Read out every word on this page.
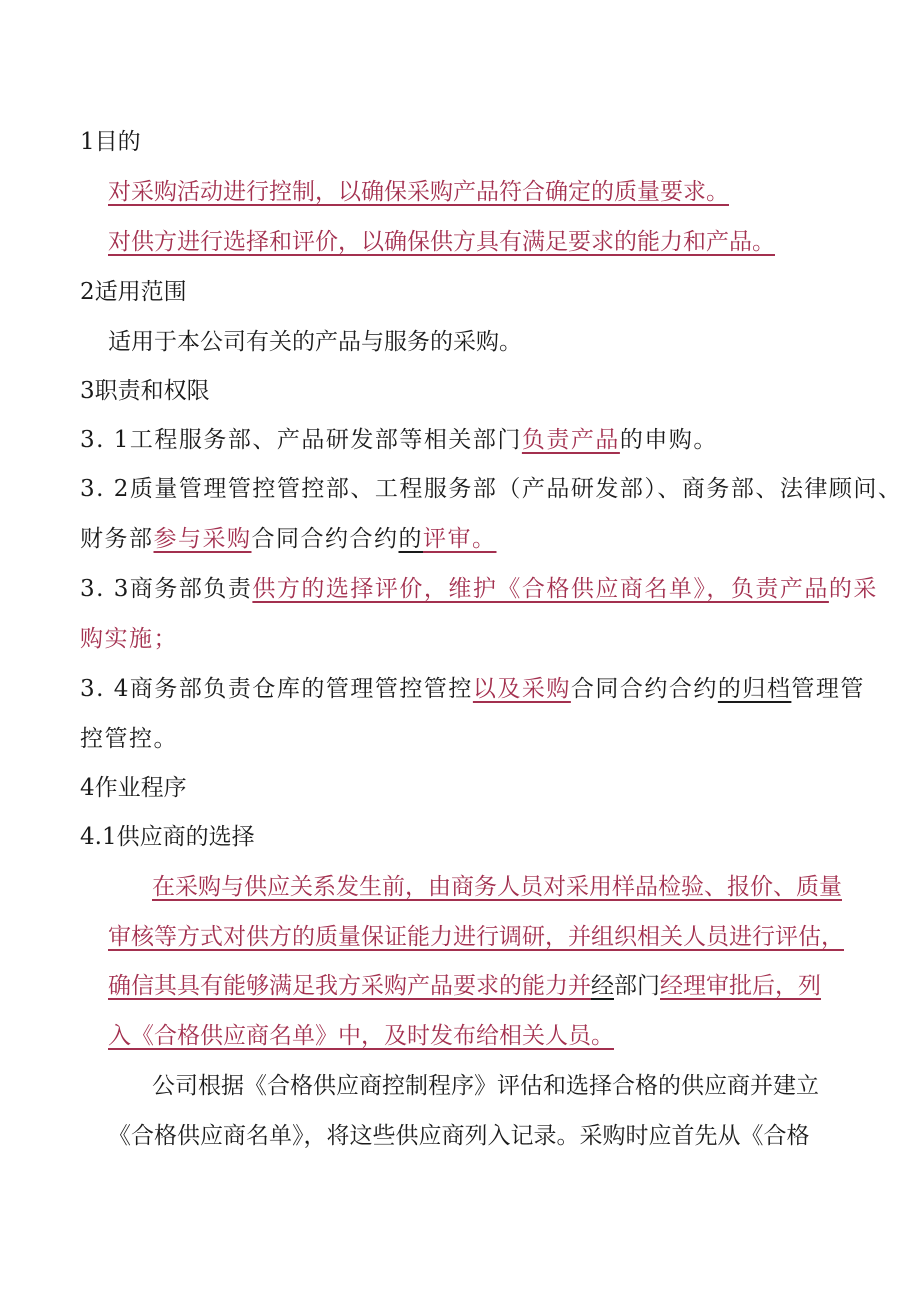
1目的
对采购活动进行控制，以确保采购产品符合确定的质量要求。
对供方进行选择和评价，以确保供方具有满足要求的能力和产品。
2适用范围
适用于本公司有关的产品与服务的采购。
3职责和权限
3. 1工程服务部、产品研发部等相关部门负责产品的申购。
3. 2质量管理管控管控部、工程服务部（产品研发部）、商务部、法律顾问、
财务部参与采购合同合约合约的评审。
3. 3商务部负责供方的选择评价，维护《合格供应商名单》，负责产品的采
购实施；
3. 4商务部负责仓库的管理管控管控以及采购合同合约合约的归档管理管
控管控。
4作业程序
4.1供应商的选择
在采购与供应关系发生前，由商务人员对采用样品检验、报价、质量
审核等方式对供方的质量保证能力进行调研，并组织相关人员进行评估，
确信其具有能够满足我方采购产品要求的能力并经部门经理审批后，列
入《合格供应商名单》中，及时发布给相关人员。
公司根据《合格供应商控制程序》评估和选择合格的供应商并建立
《合格供应商名单》，将这些供应商列入记录。采购时应首先从《合格
